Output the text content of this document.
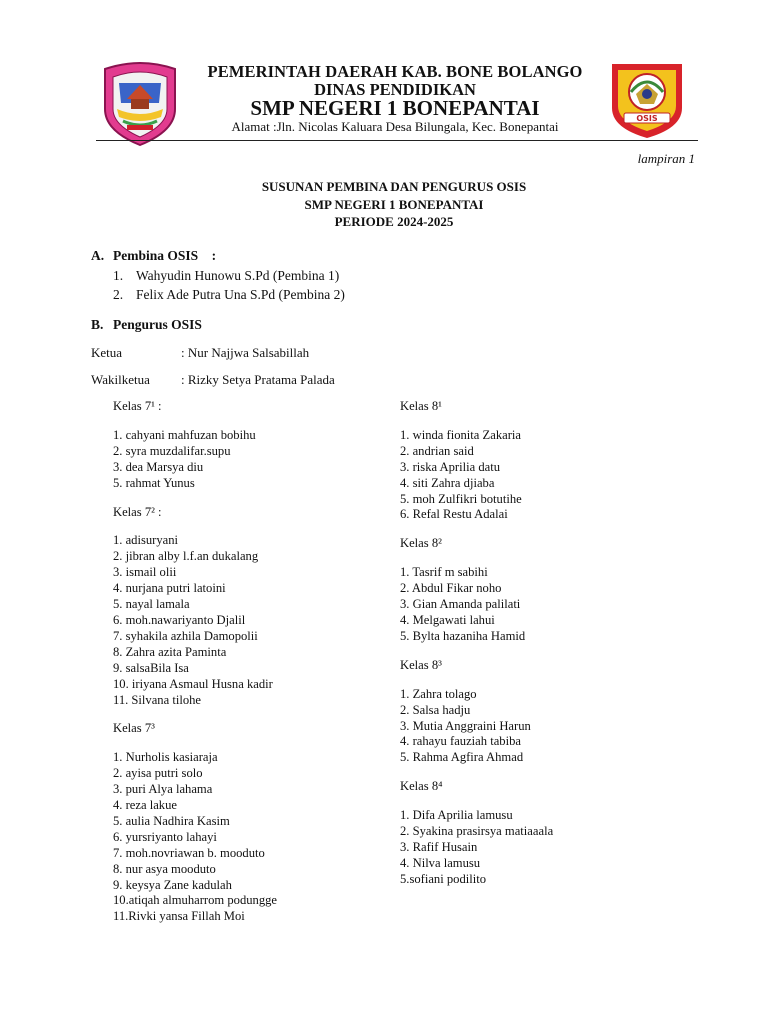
OSIS
PEMERINTAH DAERAH KAB. BONE BOLANGO
DINAS PENDIDIKAN
SMP NEGERI 1 BONEPANTAI
Alamat :Jln. Nicolas Kaluara Desa Bilungala, Kec. Bonepantai
lampiran 1
SUSUNAN PEMBINA DAN PENGURUS OSIS
SMP NEGERI 1 BONEPANTAI
PERIODE 2024-2025
A. Pembina OSIS    :
1. Wahyudin Hunowu S.Pd (Pembina 1)
2. Felix Ade Putra Una S.Pd (Pembina 2)
B. Pengurus OSIS
Ketua	: Nur Najjwa Salsabillah
Wakilketua : Rizky Setya Pratama Palada
Kelas 7¹ :
1. cahyani mahfuzan bobihu
2. syra muzdalifar.supu
3. dea Marsya diu
5. rahmat Yunus
Kelas 7² :
1. adisuryani
2. jibran alby l.f.an dukalang
3. ismail olii
4. nurjana putri latoini
5. nayal lamala
6. moh.nawariyanto Djalil
7. syhakila azhila Damopolii
8. Zahra azita Paminta
9. salsaBila Isa
10. iriyana Asmaul Husna kadir
11. Silvana tilohe
Kelas 7³
1. Nurholis kasiaraja
2. ayisa putri solo
3. puri Alya lahama
4. reza lakue
5. aulia Nadhira Kasim
6. yursriyanto lahayi
7. moh.novriawan b. mooduto
8. nur asya mooduto
9. keysya Zane kadulah
10.atiqah almuharrom podungge
11.Rivki yansa Fillah Moi
Kelas 8¹
1. winda fionita Zakaria
2. andrian said
3. riska Aprilia datu
4. siti Zahra djiaba
5. moh Zulfikri botutihe
6. Refal Restu Adalai
Kelas 8²
1. Tasrif m sabihi
2. Abdul Fikar noho
3. Gian Amanda palilati
4. Melgawati lahui
5. Bylta hazaniha Hamid
Kelas 8³
1. Zahra tolago
2. Salsa hadju
3. Mutia Anggraini Harun
4. rahayu fauziah tabiba
5. Rahma Agfira Ahmad
Kelas 8⁴
1. Difa Aprilia lamusu
2. Syakina prasirsya matiaaala
3. Rafif Husain
4. Nilva lamusu
5.sofiani podilito
